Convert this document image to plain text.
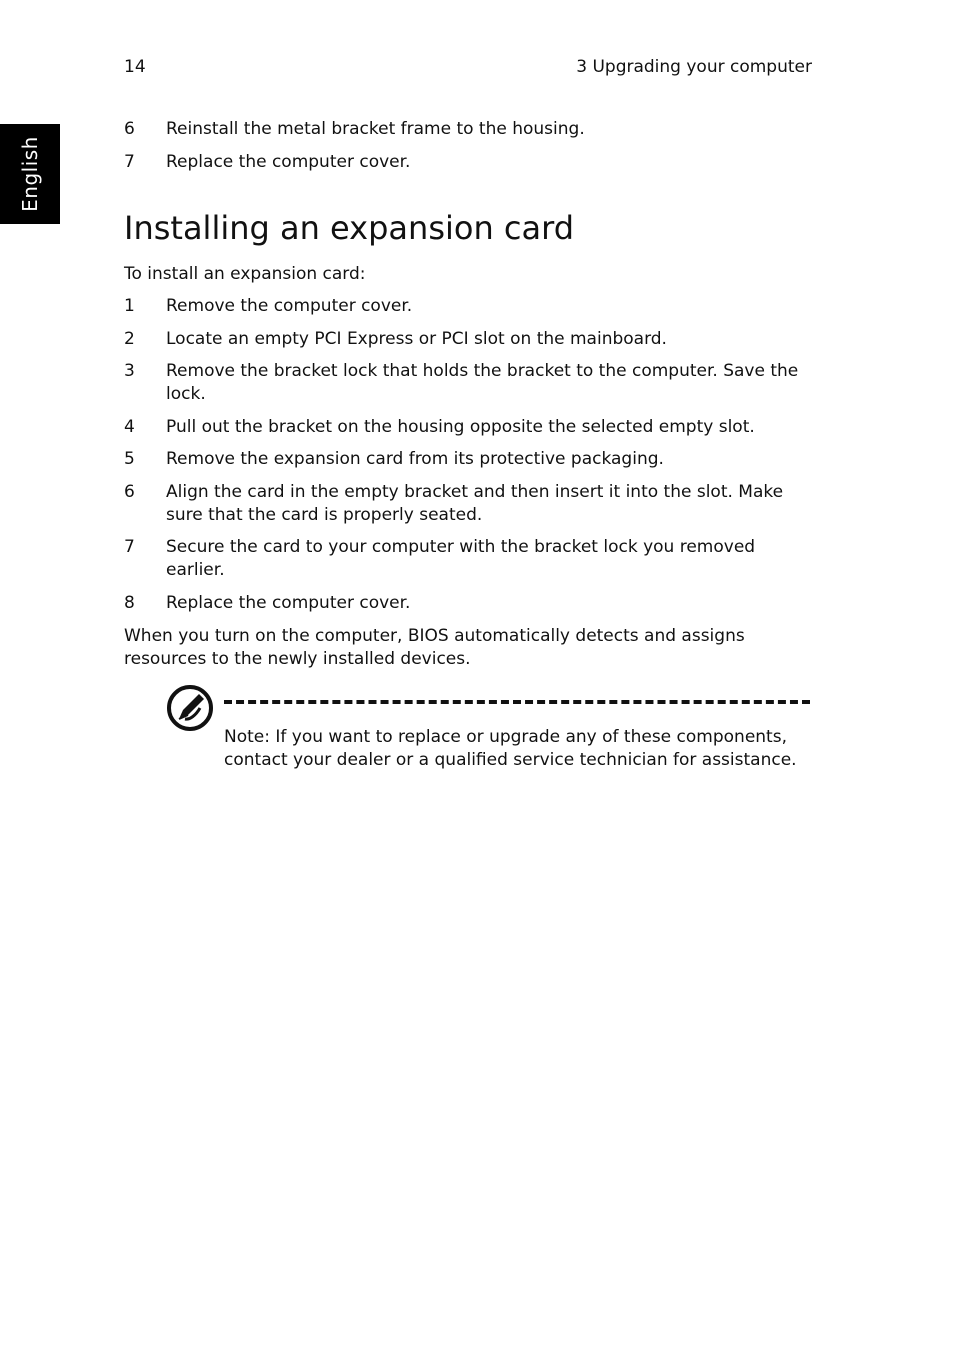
14	3 Upgrading your computer
English
6	Reinstall the metal bracket frame to the housing.
7	Replace the computer cover.
Installing an expansion card

To install an expansion card:

1	Remove the computer cover.
2	Locate an empty PCI Express or PCI slot on the mainboard.
3	Remove the bracket lock that holds the bracket to the computer. Save the lock.
4	Pull out the bracket on the housing opposite the selected empty slot.
5	Remove the expansion card from its protective packaging.
6	Align the card in the empty bracket and then insert it into the slot. Make sure that the card is properly seated.
7	Secure the card to your computer with the bracket lock you removed earlier.
8	Replace the computer cover.

When you turn on the computer, BIOS automatically detects and assigns resources to the newly installed devices.

Note: If you want to replace or upgrade any of these components, contact your dealer or a qualified service technician for assistance.
